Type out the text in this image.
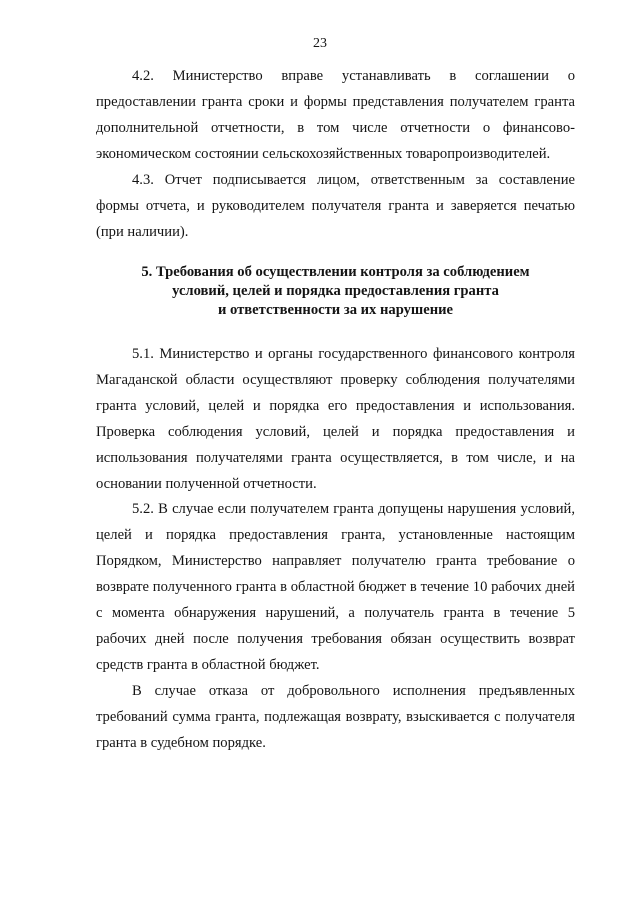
23

4.2. Министерство вправе устанавливать в соглашении о предоставлении гранта сроки и формы представления получателем гранта дополнительной отчетности, в том числе отчетности о финансово-экономическом состоянии сельскохозяйственных товаропроизводителей.

4.3. Отчет подписывается лицом, ответственным за составление формы отчета, и руководителем получателя гранта и заверяется печатью (при наличии).

5. Требования об осуществлении контроля за соблюдением
условий, целей и порядка предоставления гранта
и ответственности за их нарушение

5.1. Министерство и органы государственного финансового контроля Магаданской области осуществляют проверку соблюдения получателями гранта условий, целей и порядка его предоставления и использования. Проверка соблюдения условий, целей и порядка предоставления и использования получателями гранта осуществляется, в том числе, и на основании полученной отчетности.

5.2. В случае если получателем гранта допущены нарушения условий, целей и порядка предоставления гранта, установленные настоящим Порядком, Министерство направляет получателю гранта требование о возврате полученного гранта в областной бюджет в течение 10 рабочих дней с момента обнаружения нарушений, а получатель гранта в течение 5 рабочих дней после получения требования обязан осуществить возврат средств гранта в областной бюджет.

В случае отказа от добровольного исполнения предъявленных требований сумма гранта, подлежащая возврату, взыскивается с получателя гранта в судебном порядке.
